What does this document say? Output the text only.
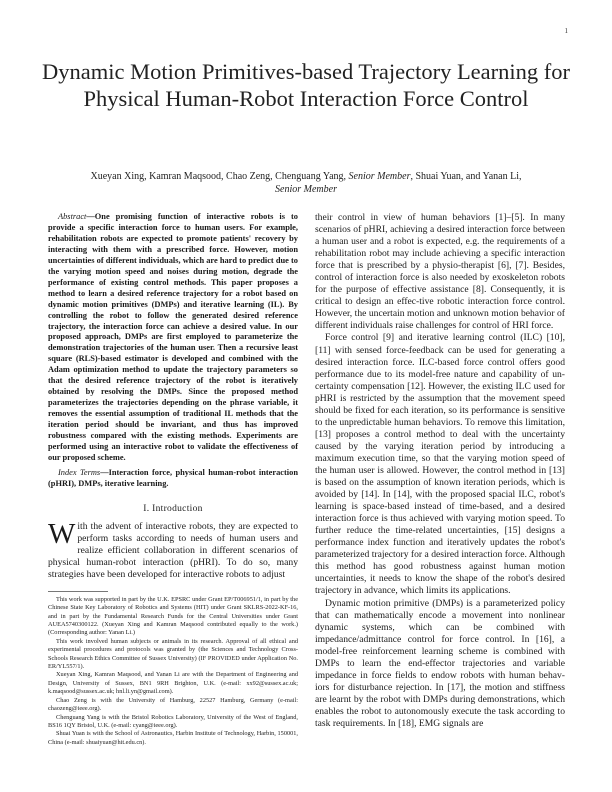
1
Dynamic Motion Primitives-based Trajectory Learning for Physical Human-Robot Interaction Force Control
Xueyan Xing, Kamran Maqsood, Chao Zeng, Chenguang Yang, Senior Member, Shuai Yuan, and Yanan Li,
Senior Member

Abstract—One promising function of interactive robots is to provide a specific interaction force to human users. For example, rehabilitation robots are expected to promote patients' recovery by interacting with them with a prescribed force. However, motion uncertainties of different individuals, which are hard to predict due to the varying motion speed and noises during motion, degrade the performance of existing control methods. This paper proposes a method to learn a desired reference trajectory for a robot based on dynamic motion primitives (DMPs) and iterative learning (IL). By controlling the robot to follow the generated desired reference trajectory, the interaction force can achieve a desired value. In our proposed approach, DMPs are first employed to parameterize the demonstration trajectories of the human user. Then a recursive least square (RLS)-based estimator is developed and combined with the Adam optimization method to update the trajectory parameters so that the desired reference trajectory of the robot is iteratively obtained by resolving the DMPs. Since the proposed method parameterizes the trajectories depending on the phrase variable, it removes the essential assumption of traditional IL methods that the iteration period should be invariant, and thus has improved robustness compared with the existing methods. Experiments are performed using an interactive robot to validate the effectiveness of our proposed scheme.

Index Terms—Interaction force, physical human-robot interaction (pHRI), DMPs, iterative learning.

I. Introduction

With the advent of interactive robots, they are expected to perform tasks according to needs of human users and realize efficient collaboration in different scenarios of physical human-robot interaction (pHRI). To do so, many strategies have been developed for interactive robots to adjust

This work was supported in part by the U.K. EPSRC under Grant EP/T006951/1, in part by the Chinese State Key Laboratory of Robotics and Systems (HIT) under Grant SKLRS-2022-KF-16, and in part by the Fundamental Research Funds for the Central Universities under Grant AUEA5740300122. (Xueyan Xing and Kamran Maqsood contributed equally to the work.) (Corresponding author: Yanan Li.)

This work involved human subjects or animals in its research. Approval of all ethical and experimental procedures and protocols was granted by (the Sciences and Technology Cross-Schools Research Ethics Committee of Sussex University) (IF PROVIDED under Application No. ER/YL557/1).

Xueyan Xing, Kamran Maqsood, and Yanan Li are with the Department of Engineering and Design, University of Sussex, BN1 9RH Brighton, U.K. (e-mail: xx92@sussex.ac.uk; k.maqsood@sussex.ac.uk; hnl.li.yn@gmail.com).

Chao Zeng is with the University of Hamburg, 22527 Hamburg, Germany (e-mail: chaozeng@ieee.org).

Chenguang Yang is with the Bristol Robotics Laboratory, University of the West of England, BS16 1QY Bristol, U.K. (e-mail: cyang@ieee.org).

Shuai Yuan is with the School of Astronautics, Harbin Institute of Technology, Harbin, 150001, China (e-mail: shuaiyuan@hit.edu.cn).

their control in view of human behaviors [1]–[5]. In many scenarios of pHRI, achieving a desired interaction force between a human user and a robot is expected, e.g. the requirements of a rehabilitation robot may include achieving a specific interaction force that is prescribed by a physio-therapist [6], [7]. Besides, control of interaction force is also needed by exoskeleton robots for the purpose of effective assistance [8]. Consequently, it is critical to design an effec-tive robotic interaction force control. However, the uncertain motion and unknown motion behavior of different individuals raise challenges for control of HRI force.

Force control [9] and iterative learning control (ILC) [10], [11] with sensed force-feedback can be used for generating a desired interaction force. ILC-based force control offers good performance due to its model-free nature and capability of un-certainty compensation [12]. However, the existing ILC used for pHRI is restricted by the assumption that the movement speed should be fixed for each iteration, so its performance is sensitive to the unpredictable human behaviors. To remove this limitation, [13] proposes a control method to deal with the uncertainty caused by the varying iteration period by introducing a maximum execution time, so that the varying motion speed of the human user is allowed. However, the control method in [13] is based on the assumption of known iteration periods, which is avoided by [14]. In [14], with the proposed spacial ILC, robot's learning is space-based instead of time-based, and a desired interaction force is thus achieved with varying motion speed. To further reduce the time-related uncertainties, [15] designs a performance index function and iteratively updates the robot's parameterized trajectory for a desired interaction force. Although this method has good robustness against human motion uncertainties, it needs to know the shape of the robot's desired trajectory in advance, which limits its applications.

Dynamic motion primitive (DMPs) is a parameterized policy that can mathematically encode a movement into nonlinear dynamic systems, which can be combined with impedance/admittance control for force control. In [16], a model-free reinforcement learning scheme is combined with DMPs to learn the end-effector trajectories and variable impedance in force fields to endow robots with human behav-iors for disturbance rejection. In [17], the motion and stiffness are learnt by the robot with DMPs during demonstrations, which enables the robot to autonomously execute the task according to task requirements. In [18], EMG signals are
